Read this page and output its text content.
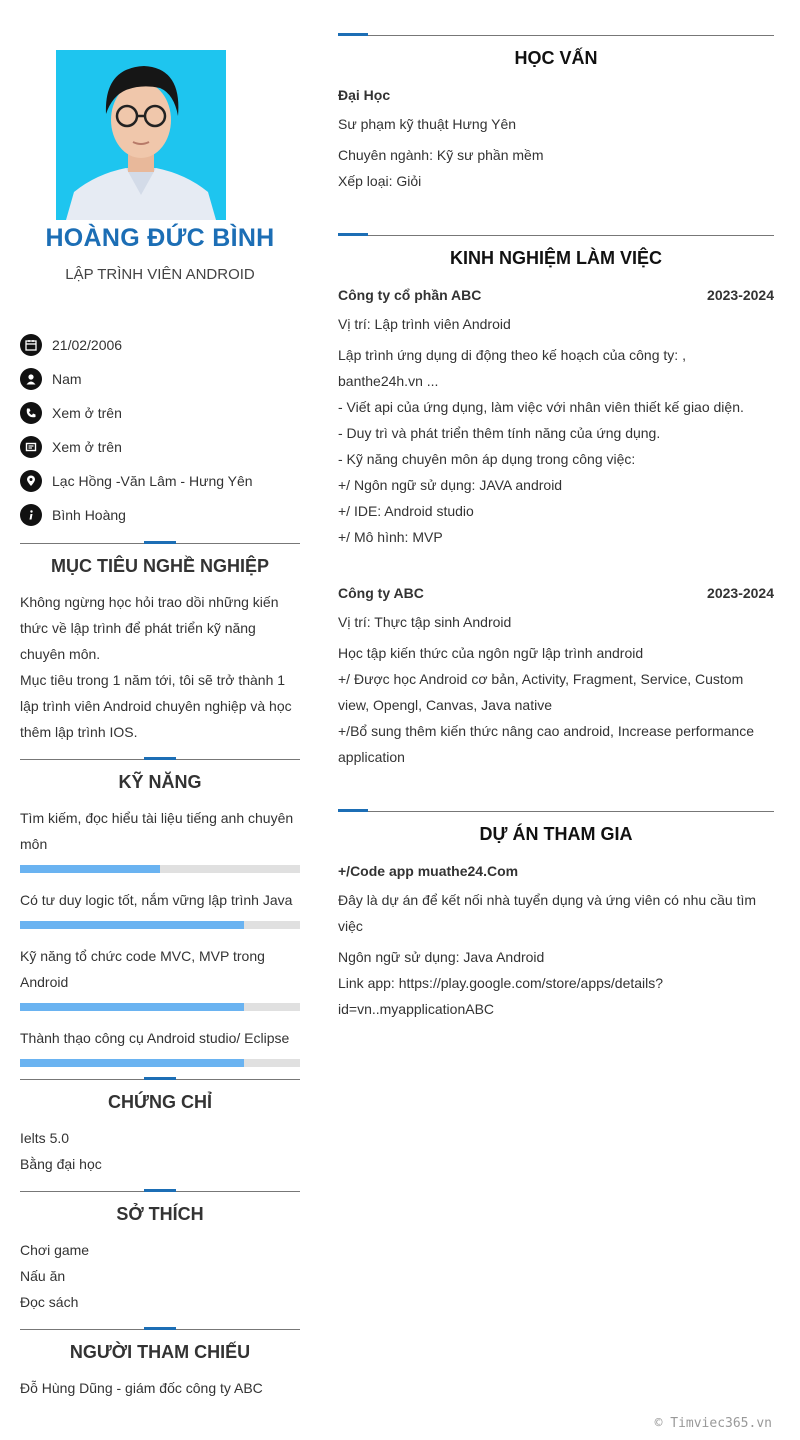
HOÀNG ĐỨC BÌNH
LẬP TRÌNH VIÊN ANDROID
21/02/2006
Nam
Xem ở trên
Xem ở trên
Lạc Hồng -Văn Lâm - Hưng Yên
Bình Hoàng
MỤC TIÊU NGHỀ NGHIỆP

Không ngừng học hỏi trao dồi những kiến thức về lập trình để phát triển kỹ năng chuyên môn.

Mục tiêu trong 1 năm tới, tôi sẽ trở thành 1 lập trình viên Android chuyên nghiệp và học thêm lập trình IOS.

KỸ NĂNG
Tìm kiếm, đọc hiểu tài liệu tiếng anh chuyên môn
Có tư duy logic tốt, nắm vững lập trình Java
Kỹ năng tổ chức code MVC, MVP trong Android
Thành thạo công cụ Android studio/ Eclipse
CHỨNG CHỈ

Ielts 5.0

Bằng đại học

SỞ THÍCH

Chơi game

Nấu ăn

Đọc sách

NGƯỜI THAM CHIẾU

Đỗ Hùng Dũng - giám đốc công ty ABC

HỌC VẤN
Đại Học

Sư phạm kỹ thuật Hưng Yên

Chuyên ngành: Kỹ sư phần mềm

Xếp loại: Giỏi

KINH NGHIỆM LÀM VIỆC
Công ty cổ phần ABC	2023-2024

Vị trí: Lập trình viên Android

Lập trình ứng dụng di động theo kế hoạch của công ty: , banthe24h.vn ...

- Viết api của ứng dụng, làm việc với nhân viên thiết kế giao diện.

- Duy trì và phát triển thêm tính năng của ứng dụng.

- Kỹ năng chuyên môn áp dụng trong công việc:

+/ Ngôn ngữ sử dụng: JAVA android

+/ IDE: Android studio

+/ Mô hình: MVP

Công ty ABC	2023-2024

Vị trí: Thực tập sinh Android

Học tập kiến thức của ngôn ngữ lập trình android

+/ Được học Android cơ bản, Activity, Fragment, Service, Custom view, Opengl, Canvas, Java native

+/Bổ sung thêm kiến thức nâng cao android, Increase performance application

DỰ ÁN THAM GIA
+/Code app muathe24.Com

Đây là dự án để kết nối nhà tuyển dụng và ứng viên có nhu cầu tìm việc

Ngôn ngữ sử dụng: Java Android

Link app: https://play.google.com/store/apps/details?id=vn..myapplicationABC

© Timviec365.vn
